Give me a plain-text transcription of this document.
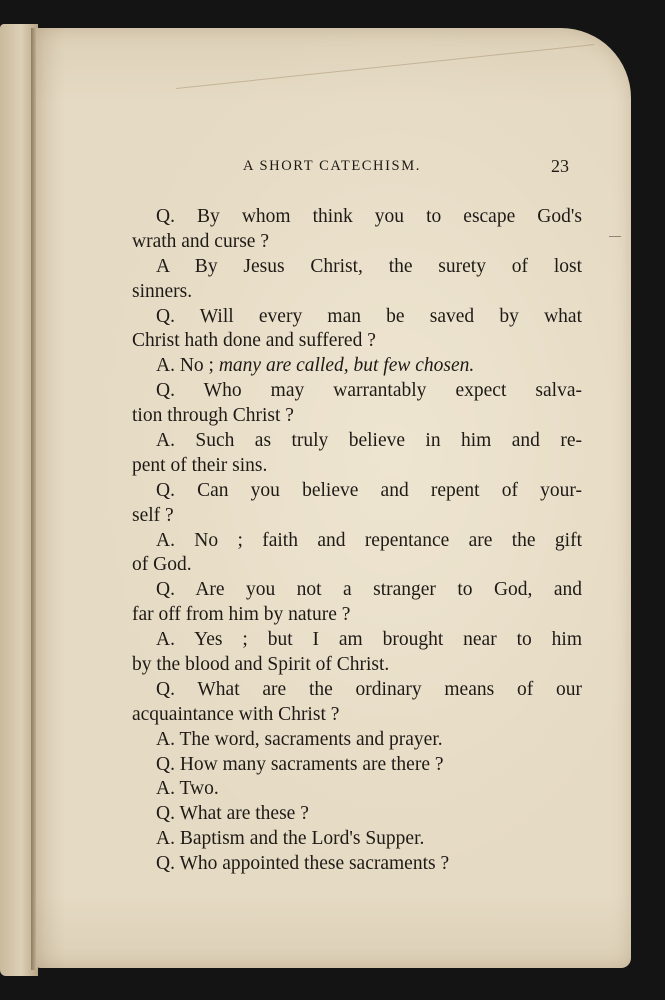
A SHORT CATECHISM.	23
Q. By whom think you to escape God's
wrath and curse ?
A By Jesus Christ, the surety of lost
sinners.
Q. Will every man be saved by what
Christ hath done and suffered ?
A. No ; many are called, but few chosen.
Q. Who may warrantably expect salva-
tion through Christ ?
A. Such as truly believe in him and re-
pent of their sins.
Q. Can you believe and repent of your-
self ?
A. No ; faith and repentance are the gift
of God.
Q. Are you not a stranger to God, and
far off from him by nature ?
A. Yes ; but I am brought near to him
by the blood and Spirit of Christ.
Q. What are the ordinary means of our
acquaintance with Christ ?
A. The word, sacraments and prayer.
Q. How many sacraments are there ?
A. Two.
Q. What are these ?
A. Baptism and the Lord's Supper.
Q. Who appointed these sacraments ?
